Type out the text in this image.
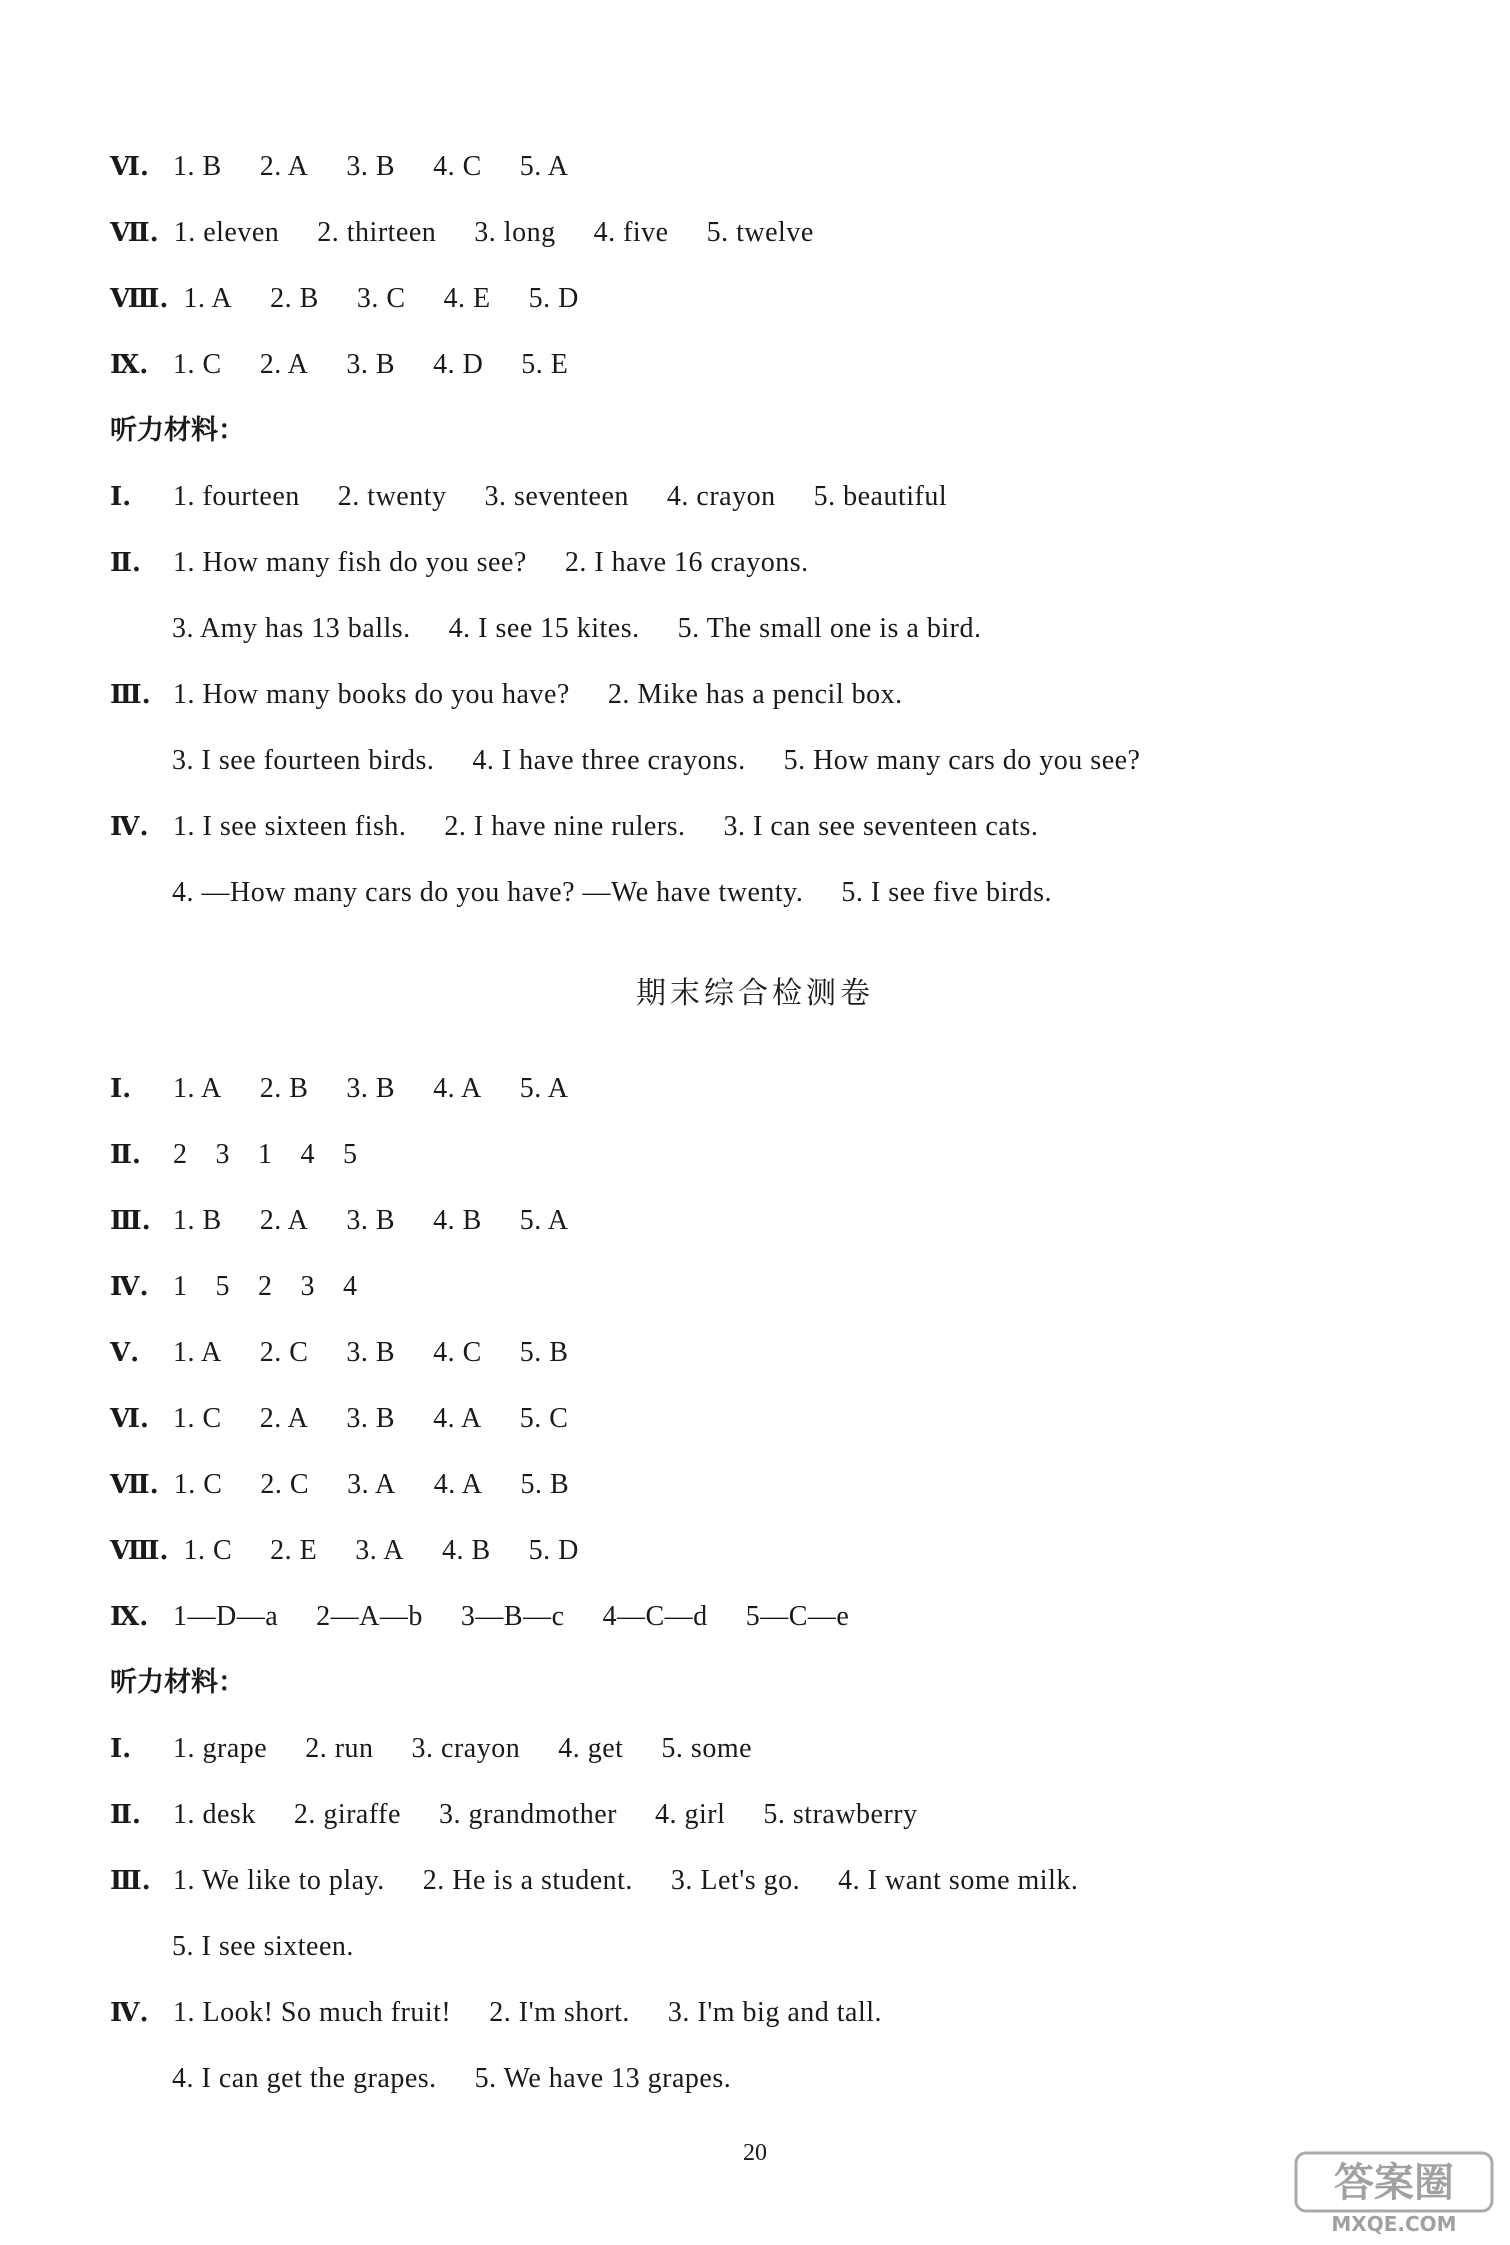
Ⅵ. 1. B 2. A 3. B 4. C 5. A
Ⅶ. 1. eleven 2. thirteen 3. long 4. five 5. twelve
Ⅷ. 1. A 2. B 3. C 4. E 5. D
Ⅸ. 1. C 2. A 3. B 4. D 5. E
听力材料：
Ⅰ. 1. fourteen 2. twenty 3. seventeen 4. crayon 5. beautiful
Ⅱ. 1. How many fish do you see? 2. I have 16 crayons.
3. Amy has 13 balls. 4. I see 15 kites. 5. The small one is a bird.
Ⅲ. 1. How many books do you have? 2. Mike has a pencil box.
3. I see fourteen birds. 4. I have three crayons. 5. How many cars do you see?
Ⅳ. 1. I see sixteen fish. 2. I have nine rulers. 3. I can see seventeen cats.
4. —How many cars do you have? —We have twenty. 5. I see five birds.
期末综合检测卷
Ⅰ. 1. A 2. B 3. B 4. A 5. A
Ⅱ. 2 3 1 4 5
Ⅲ. 1. B 2. A 3. B 4. B 5. A
Ⅳ. 1 5 2 3 4
Ⅴ. 1. A 2. C 3. B 4. C 5. B
Ⅵ. 1. C 2. A 3. B 4. A 5. C
Ⅶ. 1. C 2. C 3. A 4. A 5. B
Ⅷ. 1. C 2. E 3. A 4. B 5. D
Ⅸ. 1—D—a 2—A—b 3—B—c 4—C—d 5—C—e
听力材料：
Ⅰ. 1. grape 2. run 3. crayon 4. get 5. some
Ⅱ. 1. desk 2. giraffe 3. grandmother 4. girl 5. strawberry
Ⅲ. 1. We like to play. 2. He is a student. 3. Let's go. 4. I want some milk.
5. I see sixteen.
Ⅳ. 1. Look! So much fruit! 2. I'm short. 3. I'm big and tall.
4. I can get the grapes. 5. We have 13 grapes.
20
答案圈
MXQE.COM
